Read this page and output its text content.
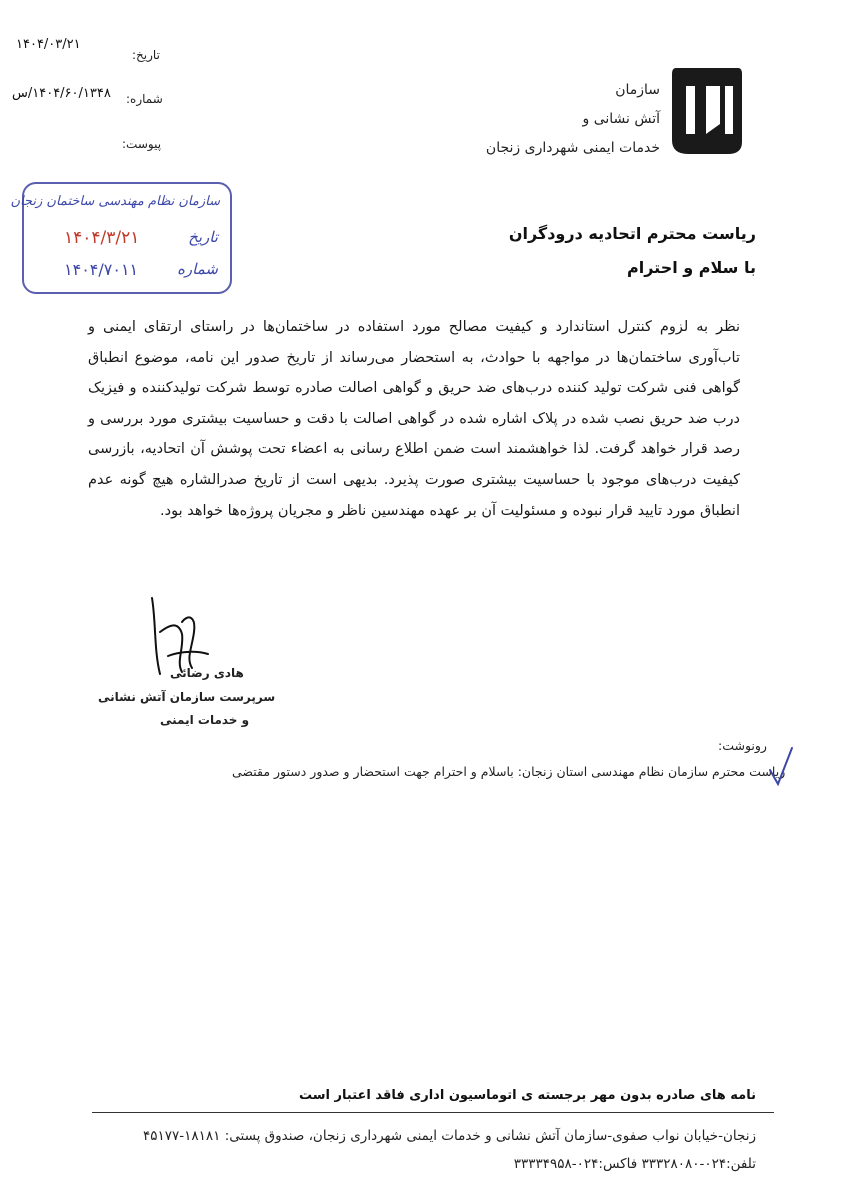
سازمان
آتش نشانی و
خدمات ایمنی شهرداری زنجان
تاریخ:
۱۴۰۴/۰۳/۲۱
شماره:
۱۴۰۴/۶۰/۱۳۴۸/س
پیوست:
سازمان نظام مهندسی ساختمان زنجان
تاریخ
۱۴۰۴/۳/۲۱
شماره
۱۴۰۴/۷۰۱۱
ریاست محترم اتحادیه درودگران
با سلام و احترام
نظر به لزوم کنترل استاندارد و کیفیت مصالح مورد استفاده در ساختمان‌ها در راستای ارتقای ایمنی و تاب‌آوری ساختمان‌ها در مواجهه با حوادث، به استحضار می‌رساند از تاریخ صدور این نامه، موضوع انطباق گواهی فنی شرکت تولید کننده درب‌های ضد حریق و گواهی اصالت صادره توسط شرکت تولیدکننده و فیزیک درب ضد حریق نصب شده در پلاک اشاره شده در گواهی اصالت با دقت و حساسیت بیشتری مورد بررسی و رصد قرار خواهد گرفت. لذا خواهشمند است ضمن اطلاع رسانی به اعضاء تحت پوشش آن اتحادیه، بازرسی کیفیت درب‌های موجود با حساسیت بیشتری صورت پذیرد. بدیهی است از تاریخ صدرالشاره هیچ گونه عدم انطباق مورد تایید قرار نبوده و مسئولیت آن بر عهده مهندسین ناظر و مجریان پروژه‌ها خواهد بود.
هادی رضائی
سرپرست سازمان آتش نشانی
و خدمات ایمنی
رونوشت:
ریاست محترم سازمان نظام مهندسی استان زنجان: باسلام و احترام جهت استحضار و صدور دستور مقتضی
نامه های صادره بدون مهر برجسته ی اتوماسیون اداری فاقد اعتبار است
زنجان-خیابان نواب صفوی-سازمان آتش نشانی و خدمات ایمنی شهرداری زنجان، صندوق پستی: ۱۸۱۸۱-۴۵۱۷۷
تلفن:۰۲۴-۳۳۳۲۸۰۸۰ فاکس:۰۲۴-۳۳۳۳۴۹۵۸
